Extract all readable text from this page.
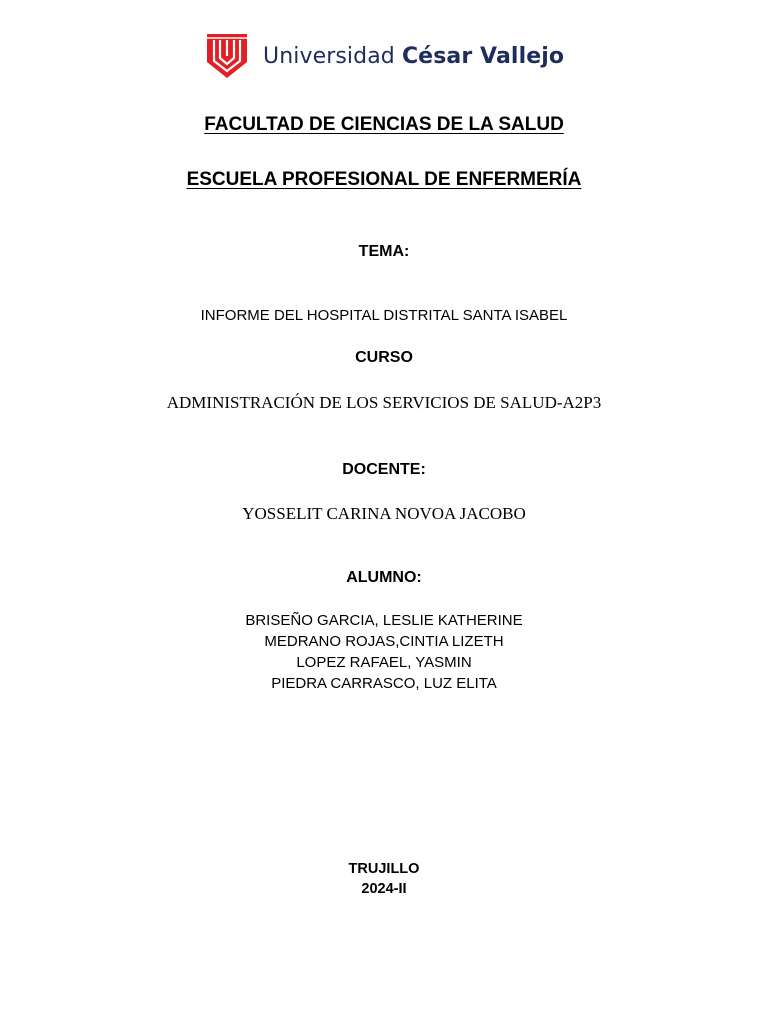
Universidad César Vallejo
FACULTAD DE CIENCIAS DE LA SALUD
ESCUELA PROFESIONAL DE ENFERMERÍA
TEMA:
INFORME DEL HOSPITAL DISTRITAL SANTA ISABEL
CURSO
ADMINISTRACIÓN DE LOS SERVICIOS DE SALUD-A2P3
DOCENTE:
YOSSELIT CARINA NOVOA JACOBO
ALUMNO:
BRISEÑO GARCIA, LESLIE KATHERINE
MEDRANO ROJAS,CINTIA LIZETH
LOPEZ RAFAEL, YASMIN
PIEDRA CARRASCO, LUZ ELITA
TRUJILLO
2024-II
